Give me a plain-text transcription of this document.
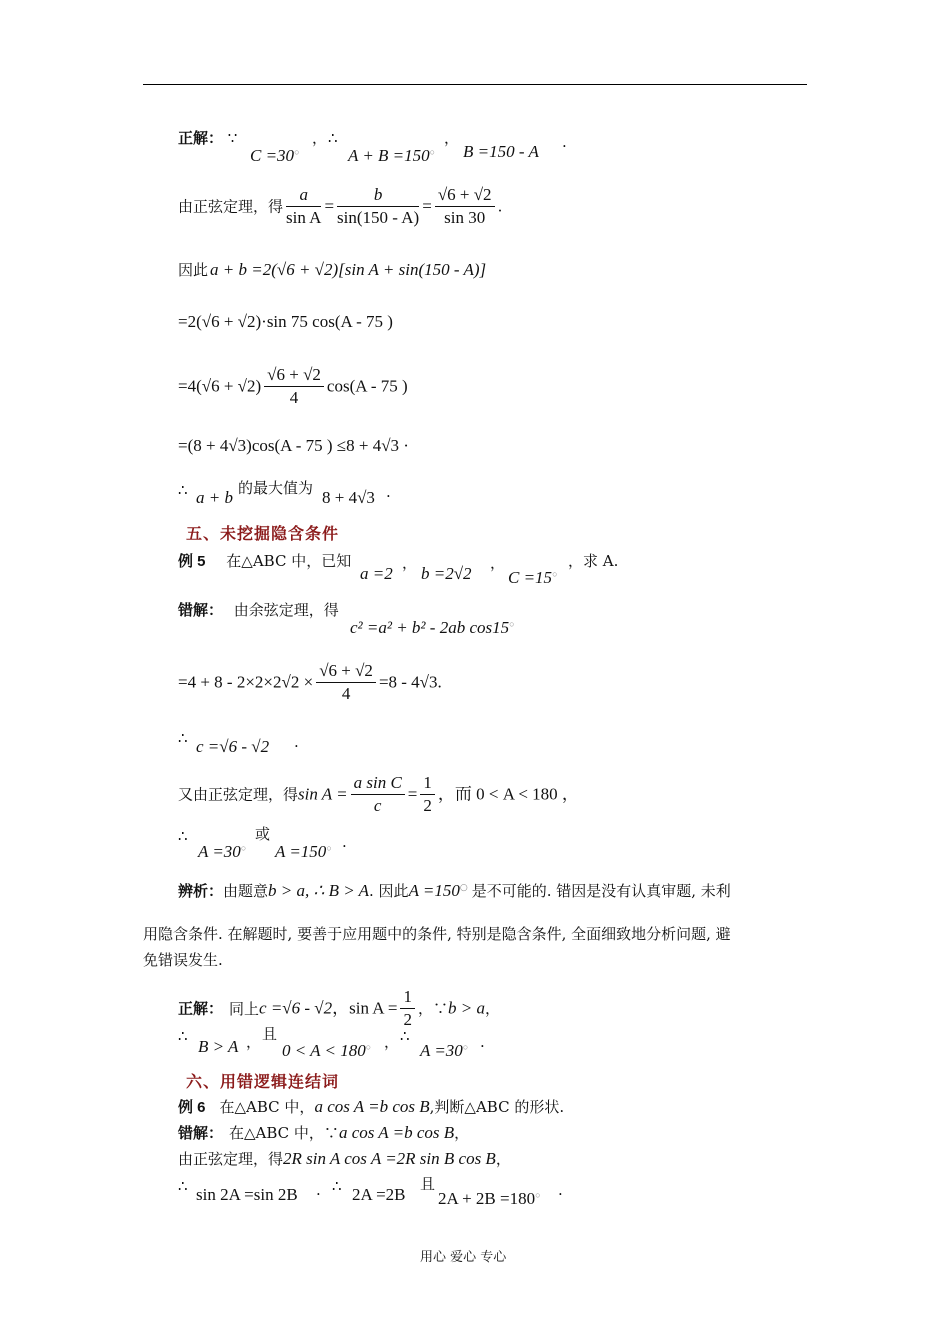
正解： ∵
C =30○
， ∴
A + B =150○
，
B =150 - A .
由正弦定理，得 $\frac{a}{\text{sin A}} = \frac{b}{\sin(150 - A)} = \frac{√6 + √2}{\sin 30}$ .
因此 a + b =2(√6 + √2)[sin A + sin(150 - A)]
=2(√6 + √2)·sin 75 cos(A - 75 )
$=4(√6 + √2) \frac{√6 + √2}{4} \cos(A - 75$ )
=(8 + 4√3)cos(A - 75 ) ≤8 + 4√3 ·
∴ a + b 的最大值为 8 + 4√3 .
五、未挖掘隐含条件
例 5 在△ABC 中，已知
a =2
，
b =2√2
，
C =15○
，求 A.
错解： 由余弦定理，得
c² =a² + b² - 2ab cos15○
$=4 + 8 - 2\times 2\times 2√2 \times \frac{√6 + √2}{4} =8 - 4√3$.
∴ c =√6 - √2 .
又由正弦定理，得$\sin A = \frac{\text{a sin C}}{c} = \frac{1}{2}$ ，而 0 < A < 180 ，
∴
A =30○
或
A =150○ .
辨析：由题意b > a, ∴ B > A. 因此A =150○ 是不可能的. 错因是没有认真审题, 未利
用隐含条件. 在解题时, 要善于应用题中的条件, 特别是隐含条件, 全面细致地分析问题, 避
免错误发生.
正解： 同上c =√6 - √2，$\sin A = \frac{1}{2}$ ，∵b > a，
∴
B > A ， 且
0 < A < 180○ ， ∴
A =30○ .
六、用错逻辑连结词
例 6 在△ABC 中，a cos A =b cos B,判断△ABC 的形状.
错解： 在△ABC 中，∵a cos A =b cos B，
由正弦定理，得2R sin A cos A =2R sin B cos B，
∴ sin 2A =sin 2B . ∴ 2A =2B
且
2A + 2B =180○ .
用心 爱心 专心
